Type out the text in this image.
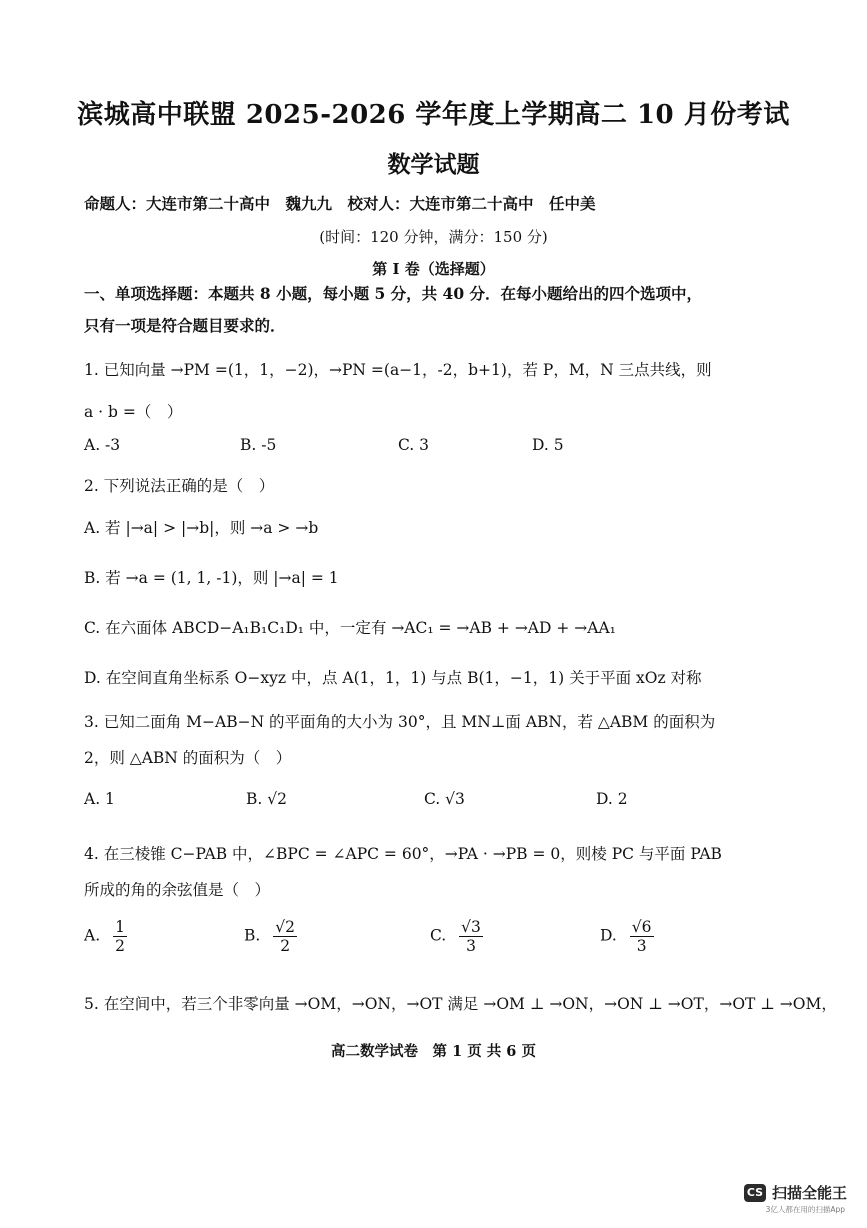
滨城高中联盟 2025-2026 学年度上学期高二 10 月份考试
数学试题
命题人：大连市第二十高中　魏九九　校对人：大连市第二十高中　任中美
(时间：120 分钟，满分：150 分)
第 I 卷（选择题）
一、单项选择题：本题共 8 小题，每小题 5 分，共 40 分．在每小题给出的四个选项中，
只有一项是符合题目要求的．
1. 已知向量 →PM =(1，1，−2)，→PN =(a−1，-2，b+1)，若 P，M，N 三点共线，则
a · b =（　）
A. -3	B. -5	C. 3	D. 5
2. 下列说法正确的是（　）
A. 若 |→a| > |→b|，则 →a > →b
B. 若 →a = (1, 1, -1)，则 |→a| = 1
C. 在六面体 ABCD−A₁B₁C₁D₁ 中，一定有 →AC₁ = →AB + →AD + →AA₁
D. 在空间直角坐标系 O−xyz 中，点 A(1，1，1) 与点 B(1，−1，1) 关于平面 xOz 对称
3. 已知二面角 M−AB−N 的平面角的大小为 30°，且 MN⊥面 ABN，若 △ABM 的面积为
2，则 △ABN 的面积为（　）
A. 1	B. √2	C. √3	D. 2
4. 在三棱锥 C−PAB 中，∠BPC = ∠APC = 60°，→PA · →PB = 0，则棱 PC 与平面 PAB
所成的角的余弦值是（　）
A. $\frac{1}{2}$	B. $\frac{√2}{2}$	C. $\frac{√3}{3}$	D. $\frac{√6}{3}$
5. 在空间中，若三个非零向量 →OM，→ON，→OT 满足 →OM ⊥ →ON，→ON ⊥ →OT，→OT ⊥ →OM，
高二数学试卷　第 1 页 共 6 页
CS 扫描全能王
3亿人都在用的扫描App
